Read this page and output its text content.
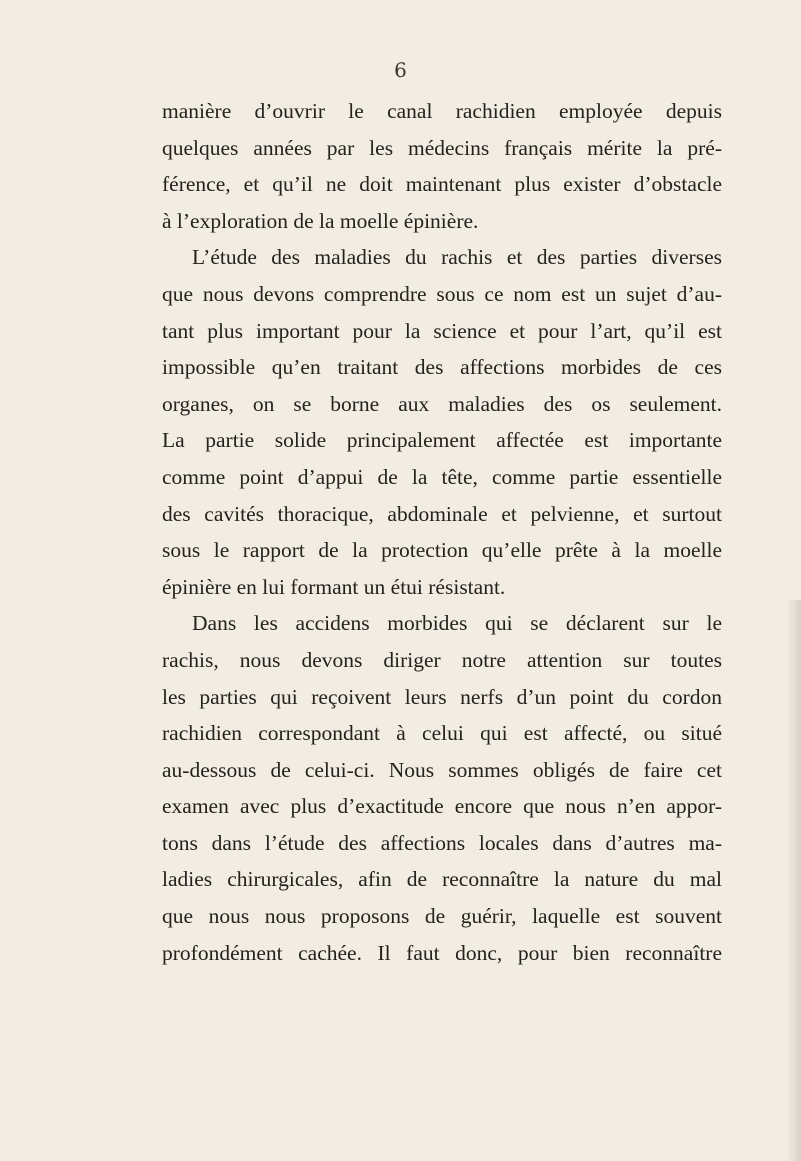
6
manière d’ouvrir le canal rachidien employée depuis
quelques années par les médecins français mérite la pré-
férence, et qu’il ne doit maintenant plus exister d’obstacle
à l’exploration de la moelle épinière.
L’étude des maladies du rachis et des parties diverses
que nous devons comprendre sous ce nom est un sujet d’au-
tant plus important pour la science et pour l’art, qu’il est
impossible qu’en traitant des affections morbides de ces
organes, on se borne aux maladies des os seulement.
La partie solide principalement affectée est importante
comme point d’appui de la tête, comme partie essentielle
des cavités thoracique, abdominale et pelvienne, et surtout
sous le rapport de la protection qu’elle prête à la moelle
épinière en lui formant un étui résistant.
Dans les accidens morbides qui se déclarent sur le
rachis, nous devons diriger notre attention sur toutes
les parties qui reçoivent leurs nerfs d’un point du cordon
rachidien correspondant à celui qui est affecté, ou situé
au-dessous de celui-ci. Nous sommes obligés de faire cet
examen avec plus d’exactitude encore que nous n’en appor-
tons dans l’étude des affections locales dans d’autres ma-
ladies chirurgicales, afin de reconnaître la nature du mal
que nous nous proposons de guérir, laquelle est souvent
profondément cachée. Il faut donc, pour bien reconnaître
